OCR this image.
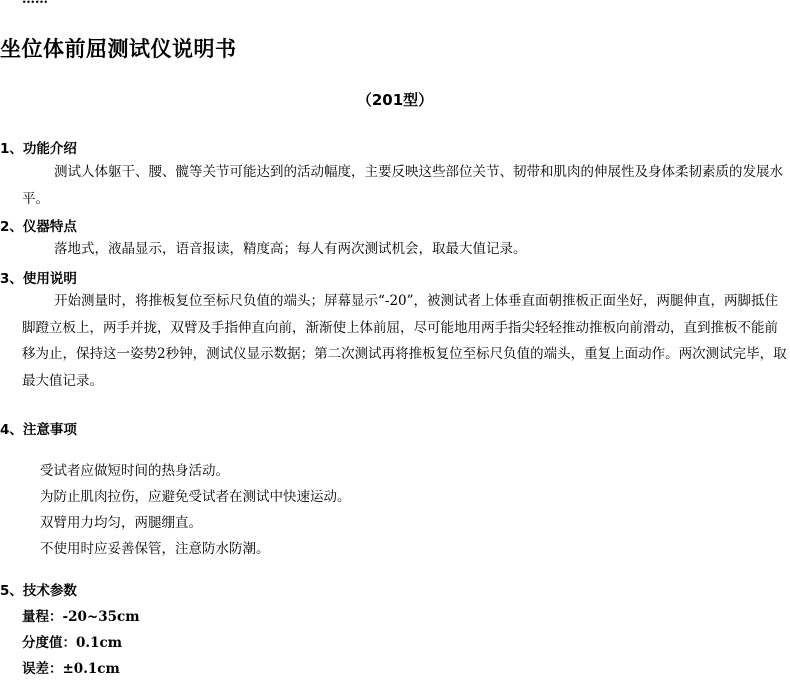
坐位体前屈测试仪说明书
（201型）
1、功能介绍
测试人体躯干、腰、髋等关节可能达到的活动幅度，主要反映这些部位关节、韧带和肌肉的伸展性及身体柔韧素质的发展水平。
2、仪器特点
落地式，液晶显示，语音报读，精度高；每人有两次测试机会，取最大值记录。
3、使用说明
开始测量时，将推板复位至标尺负值的端头；屏幕显示“-20”，被测试者上体垂直面朝推板正面坐好，两腿伸直，两脚抵住脚蹬立板上，两手并拢，双臂及手指伸直向前，渐渐使上体前屈，尽可能地用两手指尖轻轻推动推板向前滑动，直到推板不能前移为止，保持这一姿势2秒钟，测试仪显示数据；第二次测试再将推板复位至标尺负值的端头，重复上面动作。两次测试完毕，取最大值记录。
4、注意事项
受试者应做短时间的热身活动。
为防止肌肉拉伤，应避免受试者在测试中快速运动。
双臂用力均匀，两腿绷直。
不使用时应妥善保管，注意防水防潮。
5、技术参数
量程：-20~35cm
分度值：0.1cm
误差：±0.1cm
